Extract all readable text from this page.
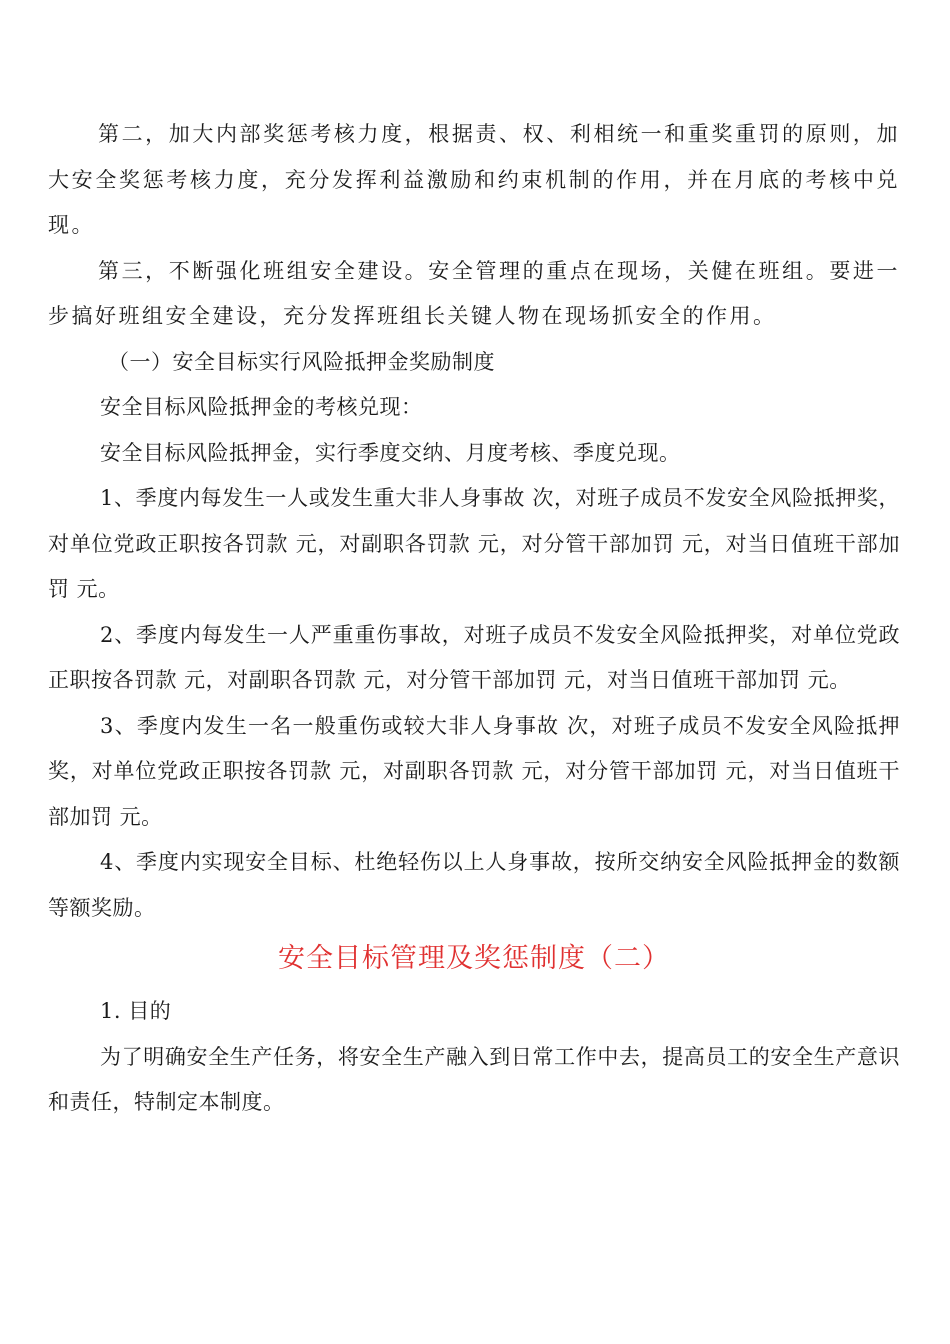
第二，加大内部奖惩考核力度，根据责、权、利相统一和重奖重罚的原则，加大安全奖惩考核力度，充分发挥利益激励和约束机制的作用，并在月底的考核中兑现。

第三，不断强化班组安全建设。安全管理的重点在现场，关健在班组。要进一步搞好班组安全建设，充分发挥班组长关键人物在现场抓安全的作用。

（一）安全目标实行风险抵押金奖励制度

安全目标风险抵押金的考核兑现：

安全目标风险抵押金，实行季度交纳、月度考核、季度兑现。

1、季度内每发生一人或发生重大非人身事故 次，对班子成员不发安全风险抵押奖，对单位党政正职按各罚款 元，对副职各罚款 元，对分管干部加罚 元，对当日值班干部加罚 元。

2、季度内每发生一人严重重伤事故，对班子成员不发安全风险抵押奖，对单位党政正职按各罚款 元，对副职各罚款 元，对分管干部加罚 元，对当日值班干部加罚 元。

3、季度内发生一名一般重伤或较大非人身事故 次，对班子成员不发安全风险抵押奖，对单位党政正职按各罚款 元，对副职各罚款 元，对分管干部加罚 元，对当日值班干部加罚 元。

4、季度内实现安全目标、杜绝轻伤以上人身事故，按所交纳安全风险抵押金的数额等额奖励。

安全目标管理及奖惩制度（二）

1. 目的

为了明确安全生产任务，将安全生产融入到日常工作中去，提高员工的安全生产意识和责任，特制定本制度。
